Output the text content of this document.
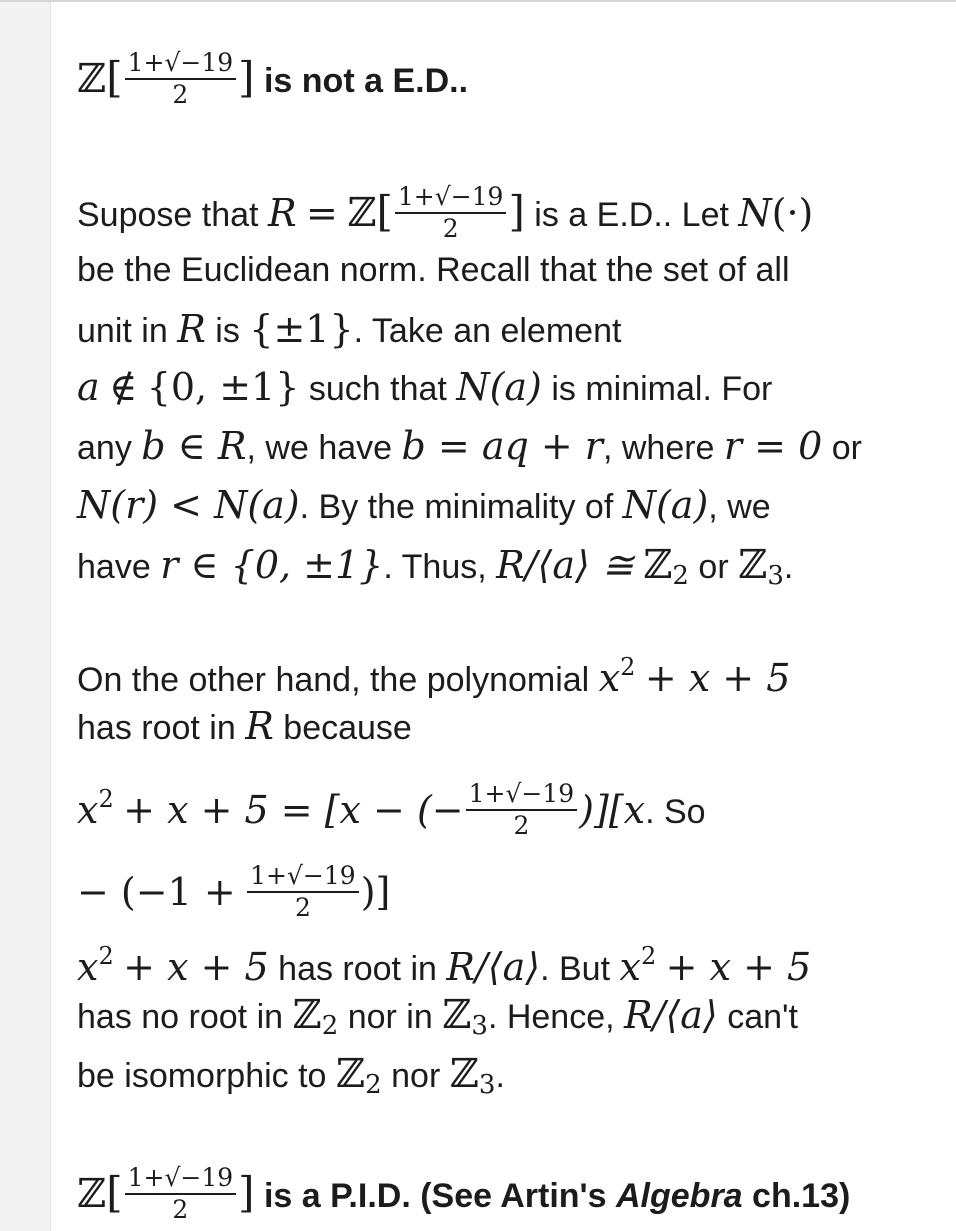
ℤ[ $\frac{1+√-19}{2}$ ] is not a E.D..
Supose that R = ℤ[ $\frac{1+√-19}{2}$ ] is a E.D.. Let N(·)
be the Euclidean norm. Recall that the set of all
unit in R is {±1}. Take an element
a ∉ {0, ±1} such that N(a) is minimal. For
any b ∈ R, we have b = aq + r, where r = 0 or
N(r) < N(a). By the minimality of N(a), we
have r ∈ {0, ±1}. Thus, R/⟨a⟩ ≅ ℤ$_2$ or ℤ$_3$.
On the other hand, the polynomial $x^2 + x + 5$
has root in R because
$x^2 + x + 5 = [x$ − (− $\frac{1+√-19}{2} )][x$. So
− ($-1 + \frac{1+√-19}{2}$ )]
$x^2 + x + 5$ has root in R/⟨a⟩. But $x^2 + x + 5$
has no root in ℤ$_2$ nor in ℤ$_3$. Hence, R/⟨a⟩ can't
be isomorphic to ℤ$_2$ nor ℤ$_3$.
ℤ[ $\frac{1+√-19}{2}$ ] is a P.I.D. (See Artin's Algebra ch.13)
